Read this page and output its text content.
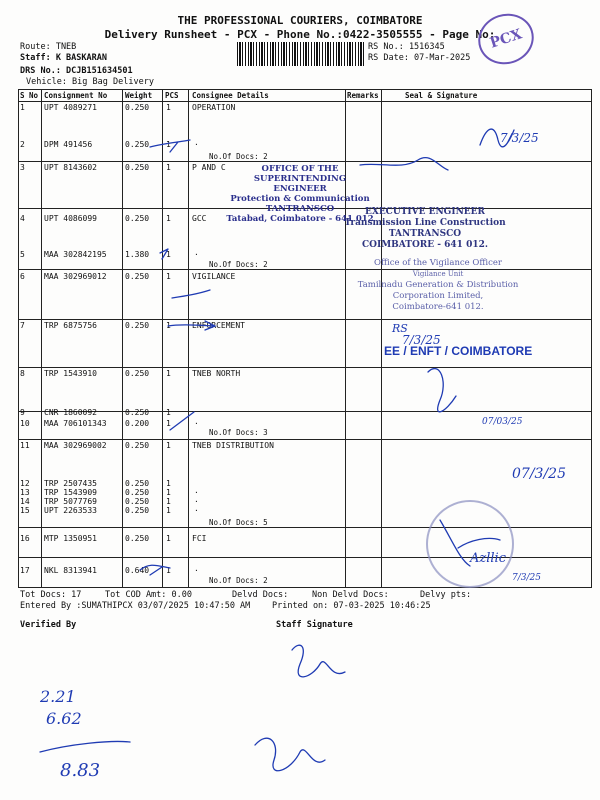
THE PROFESSIONAL COURIERS, COIMBATORE
Delivery Runsheet - PCX - Phone No.:0422-3505555 - Page No:
Route: TNEB
Staff: K BASKARAN
DRS No.: DCJB151634501
Vehicle: Big Bag Delivery
RS No.: 1516345
RS Date: 07-Mar-2025
PCX
S No Consignment No Weight PCS Consignee Details	Remarks	Seal & Signature
1 UPT 4089271	0.250 1	OPERATION
2 DPM 491456	0.250 1	.
3 UPT 8143602	0.250 1	P AND C
4 UPT 4086099	0.250 1	GCC
5 MAA 302842195 1.380 1	.
6 MAA 302969012 0.250 1	VIGILANCE
7 TRP 6875756	0.250 1	ENFORCEMENT
8 TRP 1543910	0.250 1	TNEB NORTH
9 CNR 1860092	0.250 1
10 MAA 706101343 0.200 1	.
11 MAA 302969002 0.250 1	TNEB DISTRIBUTION
12 TRP 2507435	0.250 1
13 TRP 1543909	0.250 1	.
14 TRP 5077769	0.250 1	.
15 UPT 2263533	0.250 1	.
16 MTP 1350951	0.250 1	FCI
17 NKL 8313941	0.640 1	.
No.Of Docs: 2
No.Of Docs: 2
No.Of Docs: 3
No.Of Docs: 5
No.Of Docs: 2
OFFICE OF THE
SUPERINTENDING ENGINEER
Protection & Communication
TANTRANSCO
Tatabad, Coimbatore - 641 012
EXECUTIVE ENGINEER
Transmission Line Construction
TANTRANSCO
COIMBATORE - 641 012.
Office of the Vigilance Officer
Vigilance Unit
Tamilnadu Generation & Distribution
Corporation Limited,
Coimbatore-641 012.
EE / ENFT / COIMBATORE
7/3/25
RS
7/3/25
07/03/25
07/3/25
Azllic
7/3/25
2.21
6.62
8.83
Tot Docs: 17	Tot COD Amt: 0.00	Delvd Docs:	Non Delvd Docs:	Delvy pts:
Entered By :SUMATHIPCX 03/07/2025 10:47:50 AM	Printed on: 07-03-2025 10:46:25
Verified By	Staff Signature
